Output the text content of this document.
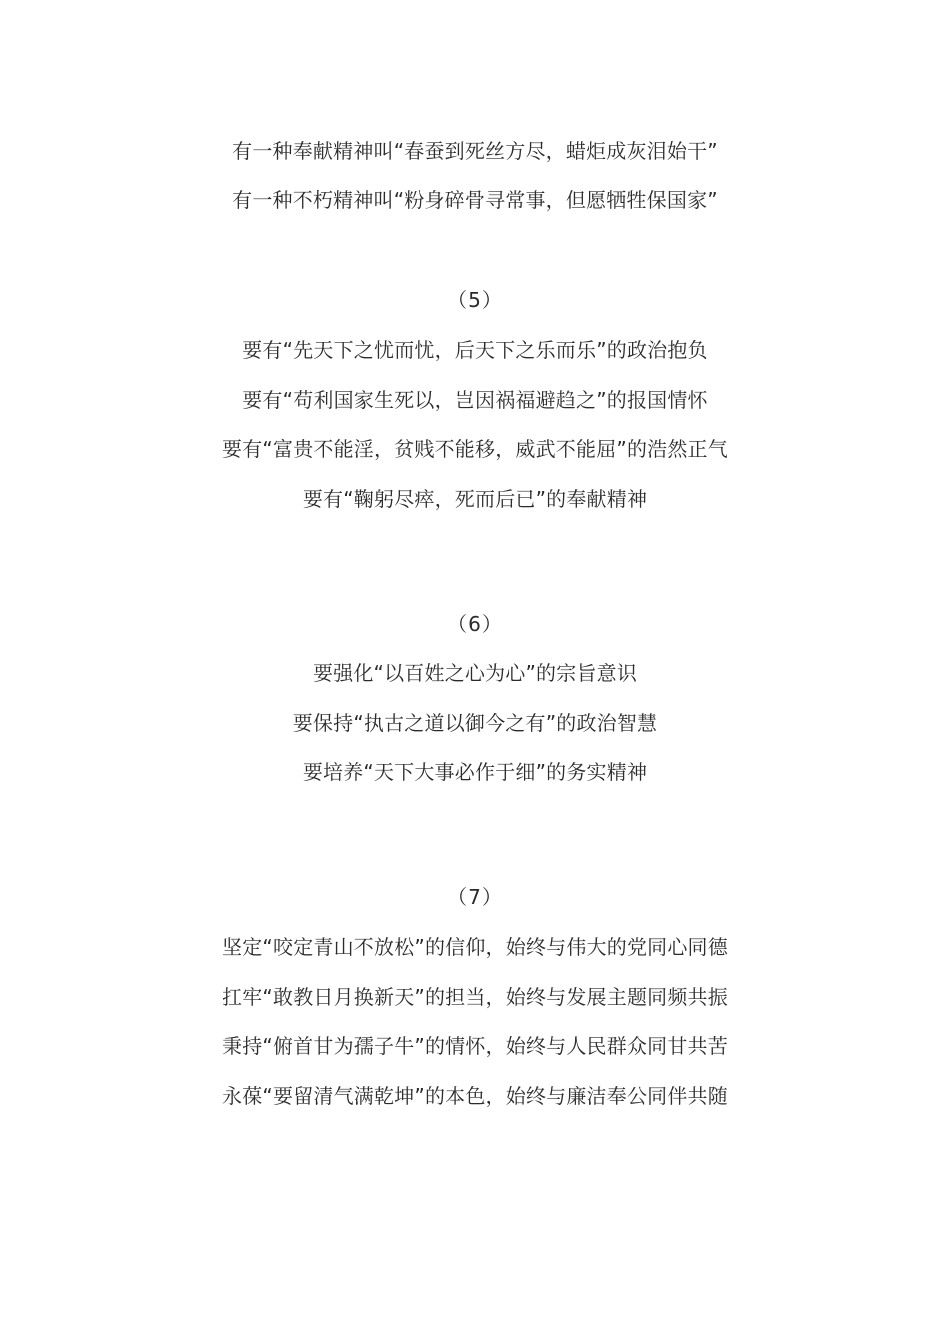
有一种奉献精神叫“春蚕到死丝方尽，蜡炬成灰泪始干”
有一种不朽精神叫“粉身碎骨寻常事，但愿牺牲保国家”
（5）
要有“先天下之忧而忧，后天下之乐而乐”的政治抱负
要有“苟利国家生死以，岂因祸福避趋之”的报国情怀
要有“富贵不能淫，贫贱不能移，威武不能屈”的浩然正气
要有“鞠躬尽瘁，死而后已”的奉献精神
（6）
要强化“以百姓之心为心”的宗旨意识
要保持“执古之道以御今之有”的政治智慧
要培养“天下大事必作于细”的务实精神
（7）
坚定“咬定青山不放松”的信仰，始终与伟大的党同心同德
扛牢“敢教日月换新天”的担当，始终与发展主题同频共振
秉持“俯首甘为孺子牛”的情怀，始终与人民群众同甘共苦
永葆“要留清气满乾坤”的本色，始终与廉洁奉公同伴共随
